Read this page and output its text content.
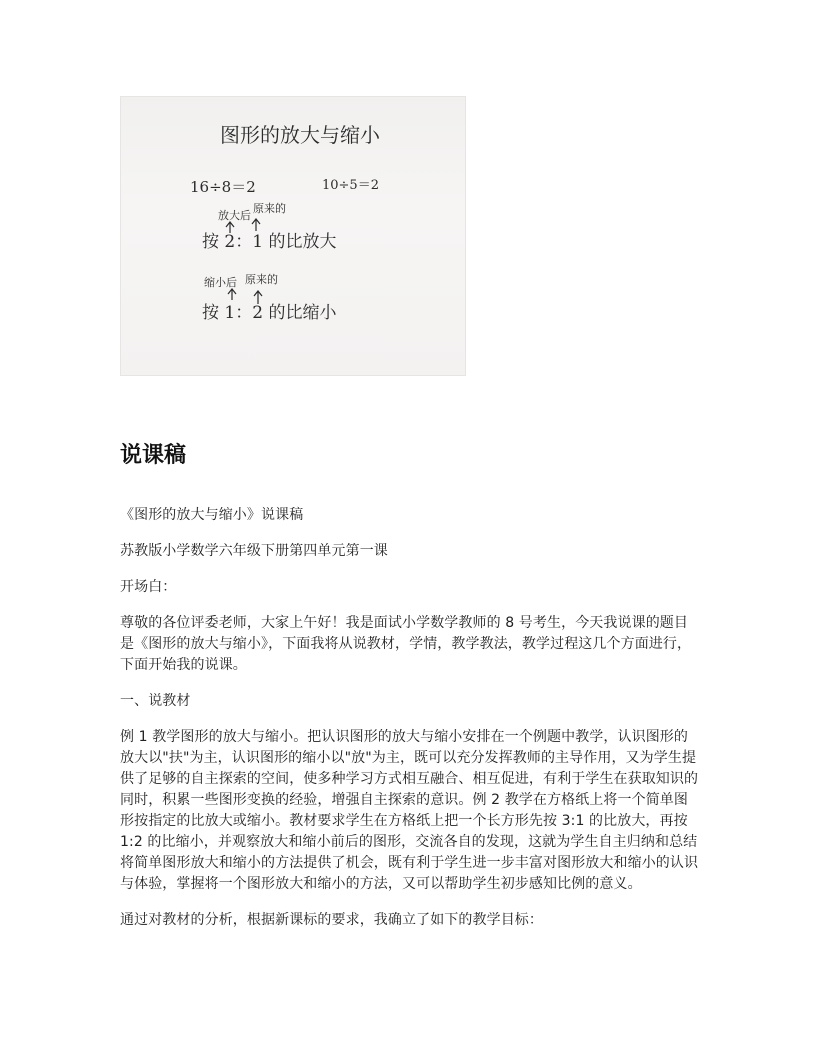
图形的放大与缩小
16÷8＝2	10÷5＝2
放大后
原来的
按 2：1 的比放大
缩小后 原来的
按 1：2 的比缩小
说课稿

《图形的放大与缩小》说课稿

苏教版小学数学六年级下册第四单元第一课

开场白：

尊敬的各位评委老师，大家上午好！我是面试小学数学教师的 8 号考生，今天我说课的题目是《图形的放大与缩小》，下面我将从说教材，学情，教学教法，教学过程这几个方面进行，下面开始我的说课。

一、说教材

例 1 教学图形的放大与缩小。把认识图形的放大与缩小安排在一个例题中教学，认识图形的放大以"扶"为主，认识图形的缩小以"放"为主，既可以充分发挥教师的主导作用，又为学生提供了足够的自主探索的空间，使多种学习方式相互融合、相互促进，有利于学生在获取知识的同时，积累一些图形变换的经验，增强自主探索的意识。例 2 教学在方格纸上将一个简单图形按指定的比放大或缩小。教材要求学生在方格纸上把一个长方形先按 3:1 的比放大，再按 1:2 的比缩小，并观察放大和缩小前后的图形，交流各自的发现，这就为学生自主归纳和总结将简单图形放大和缩小的方法提供了机会，既有利于学生进一步丰富对图形放大和缩小的认识与体验，掌握将一个图形放大和缩小的方法，又可以帮助学生初步感知比例的意义。

通过对教材的分析，根据新课标的要求，我确立了如下的教学目标：
